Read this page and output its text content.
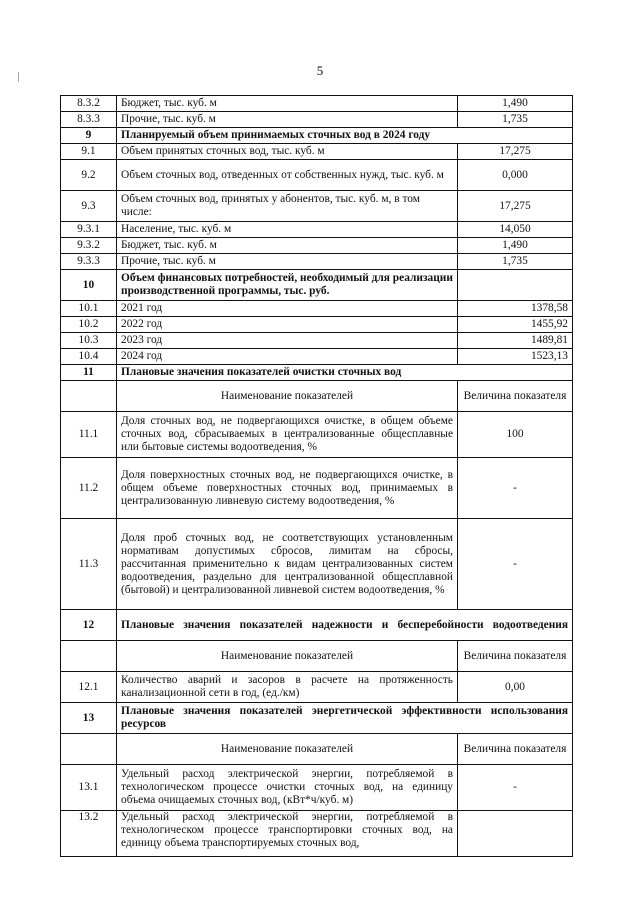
5
8.3.2	Бюджет, тыс. куб. м	1,490
8.3.3	Прочие, тыс. куб. м	1,735
9	Планируемый объем принимаемых сточных вод в 2024 году	
9.1	Объем принятых сточных вод, тыс. куб. м	17,275
9.2	Объем сточных вод, отведенных от собственных нужд, тыс. куб. м	0,000
9.3	Объем сточных вод, принятых у абонентов, тыс. куб. м, в том числе:	17,275
9.3.1	Население, тыс. куб. м	14,050
9.3.2	Бюджет, тыс. куб. м	1,490
9.3.3	Прочие, тыс. куб. м	1,735
10	Объем финансовых потребностей, необходимый для реализации производственной программы, тыс. руб.	
10.1	2021 год	1378,58
10.2	2022 год	1455,92
10.3	2023 год	1489,81
10.4	2024 год	1523,13
11	Плановые значения показателей очистки сточных вод	
	Наименование показателей	Величина показателя
11.1	Доля сточных вод, не подвергающихся очистке, в общем объеме сточных вод, сбрасываемых в централизованные общесплавные или бытовые системы водоотведения, %	100
11.2	Доля поверхностных сточных вод, не подвергающихся очистке, в общем объеме поверхностных сточных вод, принимаемых в централизованную ливневую систему водоотведения, %	-
11.3	Доля проб сточных вод, не соответствующих установленным нормативам допустимых сбросов, лимитам на сбросы, рассчитанная применительно к видам централизованных систем водоотведения, раздельно для централизованной общесплавной (бытовой) и централизованной ливневой систем водоотведения, %	-
12	Плановые значения показателей надежности и бесперебойности водоотведения	
	Наименование показателей	Величина показателя
12.1	Количество аварий и засоров в расчете на протяженность канализационной сети в год, (ед./км)	0,00
13	Плановые значения показателей энергетической эффективности использования ресурсов	
	Наименование показателей	Величина показателя
13.1	Удельный расход электрической энергии, потребляемой в технологическом процессе очистки сточных вод, на единицу объема очищаемых сточных вод, (кВт*ч/куб. м)	-
13.2	Удельный расход электрической энергии, потребляемой в технологическом процессе транспортировки сточных вод, на единицу объема транспортируемых сточных вод,	
